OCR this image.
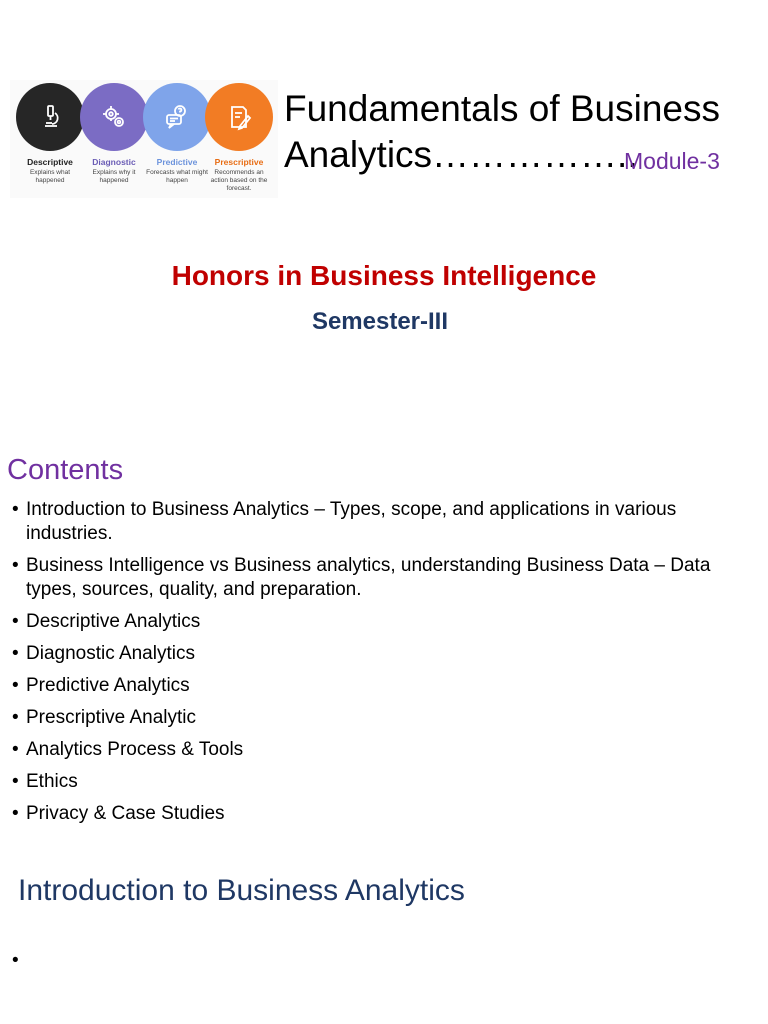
Descriptive
Explains what happened
Diagnostic
Explains why it happened
Predictive
Forecasts what might happen
Prescriptive
Recommends an action based on the forecast.
Fundamentals of Business Analytics……………..
Module-3
Honors in Business Intelligence
Semester-III
Contents
• Introduction to Business Analytics – Types, scope, and applications in various industries.
• Business Intelligence vs Business analytics, understanding Business Data – Data types, sources, quality, and preparation.
• Descriptive Analytics
• Diagnostic Analytics
• Predictive Analytics
• Prescriptive Analytic
• Analytics Process & Tools
• Ethics
• Privacy & Case Studies
Introduction to Business Analytics
•
